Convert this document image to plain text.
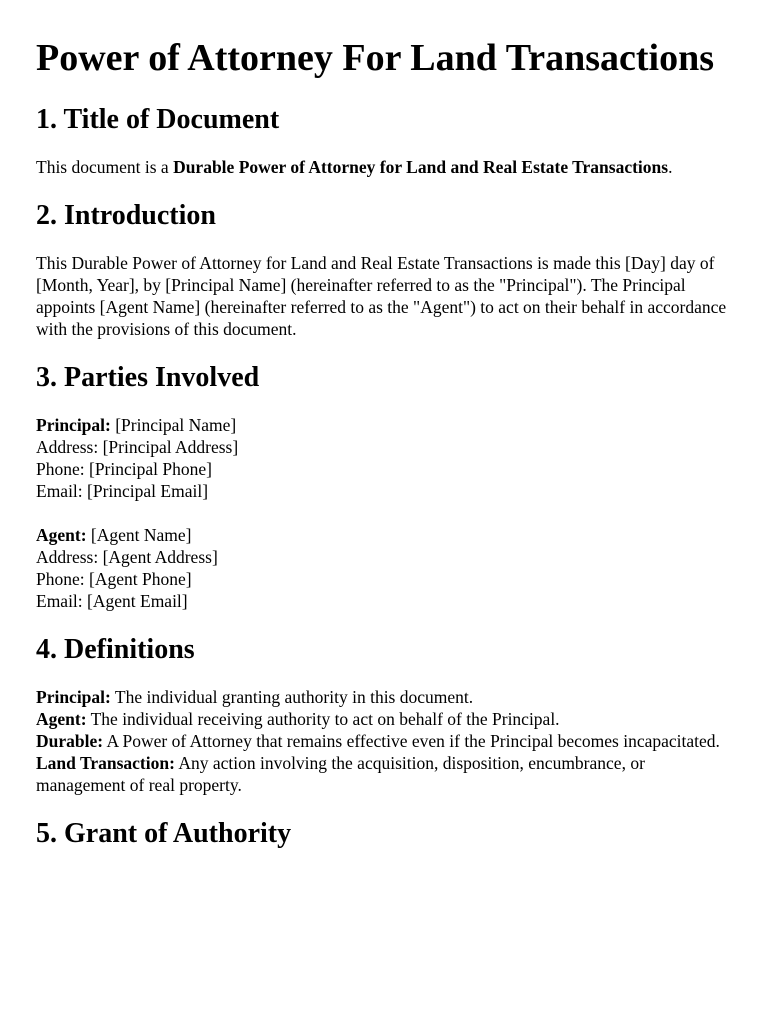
Power of Attorney For Land Transactions
1. Title of Document

This document is a Durable Power of Attorney for Land and Real Estate Transactions.

2. Introduction

This Durable Power of Attorney for Land and Real Estate Transactions is made this [Day] day of [Month, Year], by [Principal Name] (hereinafter referred to as the "Principal"). The Principal appoints [Agent Name] (hereinafter referred to as the "Agent") to act on their behalf in accordance with the provisions of this document.

3. Parties Involved

Principal: [Principal Name]
Address: [Principal Address]
Phone: [Principal Phone]
Email: [Principal Email]

Agent: [Agent Name]
Address: [Agent Address]
Phone: [Agent Phone]
Email: [Agent Email]

4. Definitions

Principal: The individual granting authority in this document.
Agent: The individual receiving authority to act on behalf of the Principal.
Durable: A Power of Attorney that remains effective even if the Principal becomes incapacitated.
Land Transaction: Any action involving the acquisition, disposition, encumbrance, or management of real property.

5. Grant of Authority
